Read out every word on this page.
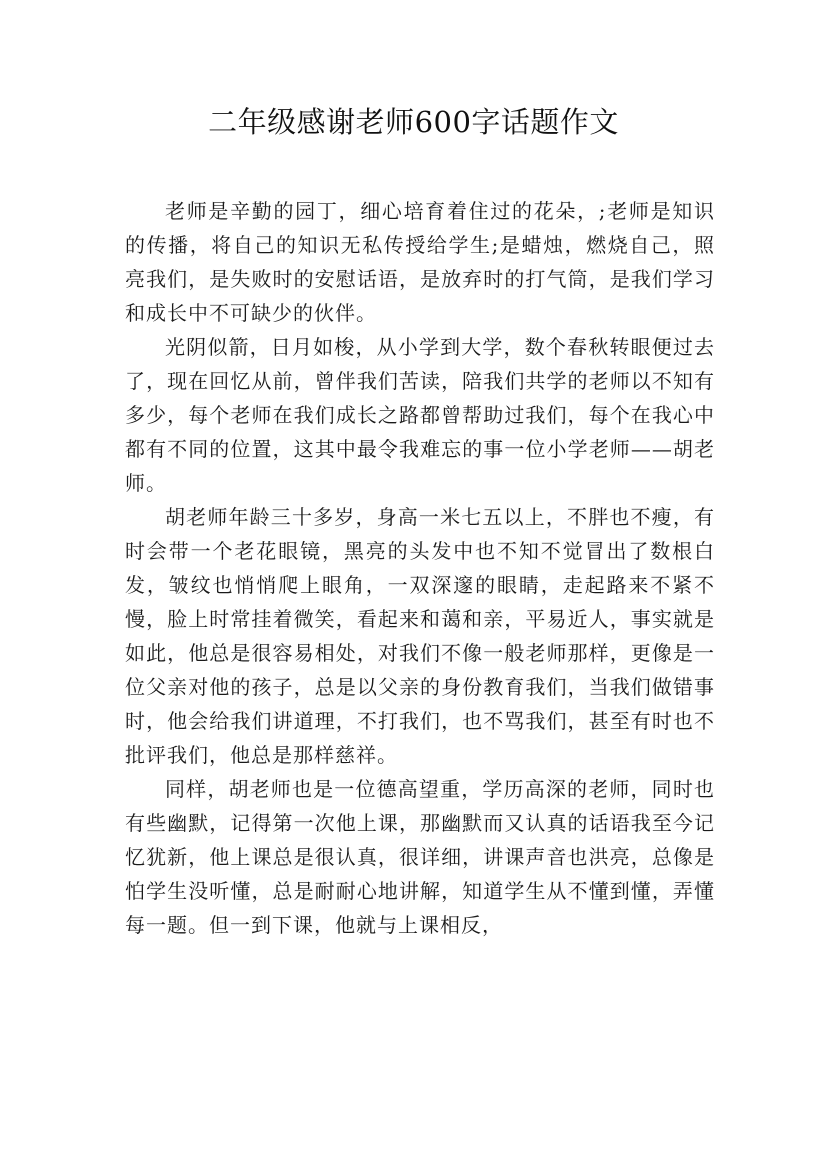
二年级感谢老师600字话题作文

老师是辛勤的园丁，细心培育着住过的花朵，;老师是知识的传播，将自己的知识无私传授给学生;是蜡烛，燃烧自己，照亮我们，是失败时的安慰话语，是放弃时的打气筒，是我们学习和成长中不可缺少的伙伴。

光阴似箭，日月如梭，从小学到大学，数个春秋转眼便过去了，现在回忆从前，曾伴我们苦读，陪我们共学的老师以不知有多少，每个老师在我们成长之路都曾帮助过我们，每个在我心中都有不同的位置，这其中最令我难忘的事一位小学老师——胡老师。

胡老师年龄三十多岁，身高一米七五以上，不胖也不瘦，有时会带一个老花眼镜，黑亮的头发中也不知不觉冒出了数根白发，皱纹也悄悄爬上眼角，一双深邃的眼睛，走起路来不紧不慢，脸上时常挂着微笑，看起来和蔼和亲，平易近人，事实就是如此，他总是很容易相处，对我们不像一般老师那样，更像是一位父亲对他的孩子，总是以父亲的身份教育我们，当我们做错事时，他会给我们讲道理，不打我们，也不骂我们，甚至有时也不批评我们，他总是那样慈祥。

同样，胡老师也是一位德高望重，学历高深的老师，同时也有些幽默，记得第一次他上课，那幽默而又认真的话语我至今记忆犹新，他上课总是很认真，很详细，讲课声音也洪亮，总像是怕学生没听懂，总是耐耐心地讲解，知道学生从不懂到懂，弄懂每一题。但一到下课，他就与上课相反，
